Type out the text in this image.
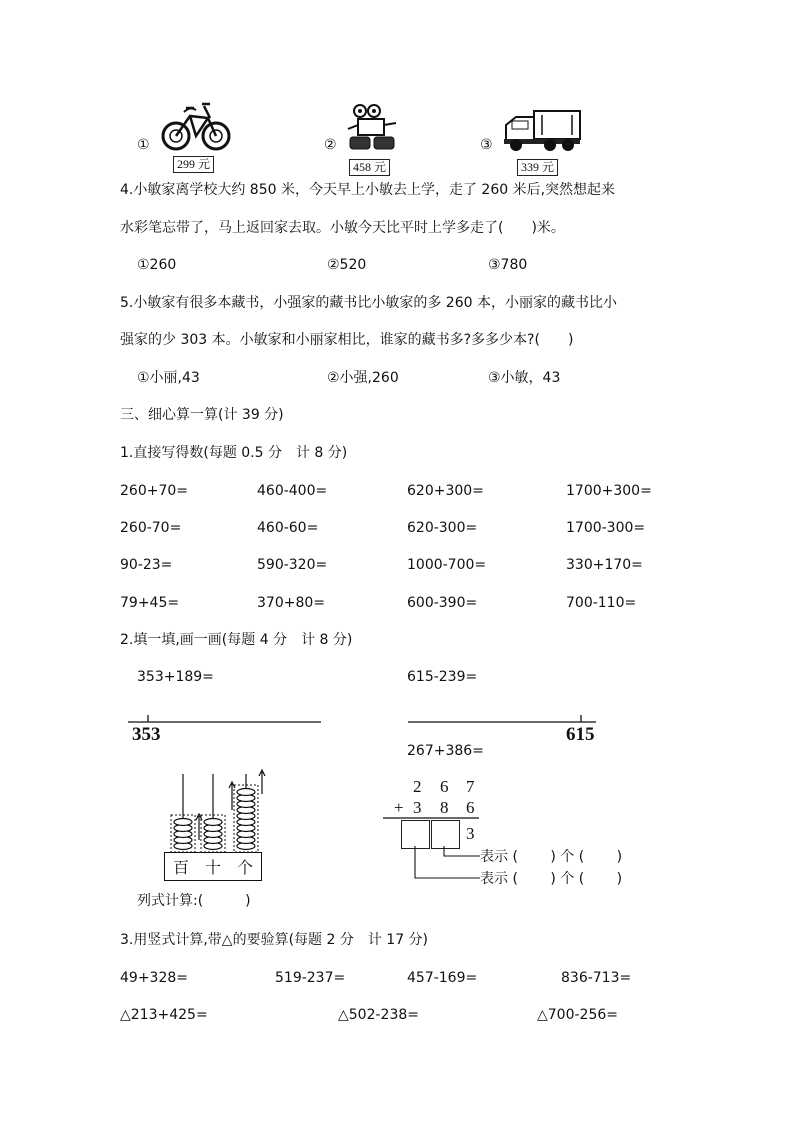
①
299 元
②
458 元
③
339 元
4.小敏家离学校大约 850 米，今天早上小敏去上学，走了 260 米后,突然想起来
水彩笔忘带了，马上返回家去取。小敏今天比平时上学多走了(　　)米。
①260	②520	③780
5.小敏家有很多本藏书，小强家的藏书比小敏家的多 260 本，小丽家的藏书比小
强家的少 303 本。小敏家和小丽家相比，谁家的藏书多?多多少本?(　　)
①小丽,43	②小强,260	③小敏，43
三、细心算一算(计 39 分)
1.直接写得数(每题 0.5 分　计 8 分)
260+70=	460-400=	620+300=	1700+300=
260-70=	460-60=	620-300=	1700-300=
90-23=	590-320=	1000-700=	330+170=
79+45=	370+80=	600-390=	700-110=
2.填一填,画一画(每题 4 分　计 8 分)
353+189=	615-239=
353	615
267+386=
百 十 个
列式计算:(　　　)
2 6 7
+ 3 8 6
3
表示 (　　 ) 个 (　　 )
表示 (　　 ) 个 (　　 )
3.用竖式计算,带△的要验算(每题 2 分　计 17 分)
49+328=	519-237=	457-169=	836-713=
△213+425=	△502-238=	△700-256=
